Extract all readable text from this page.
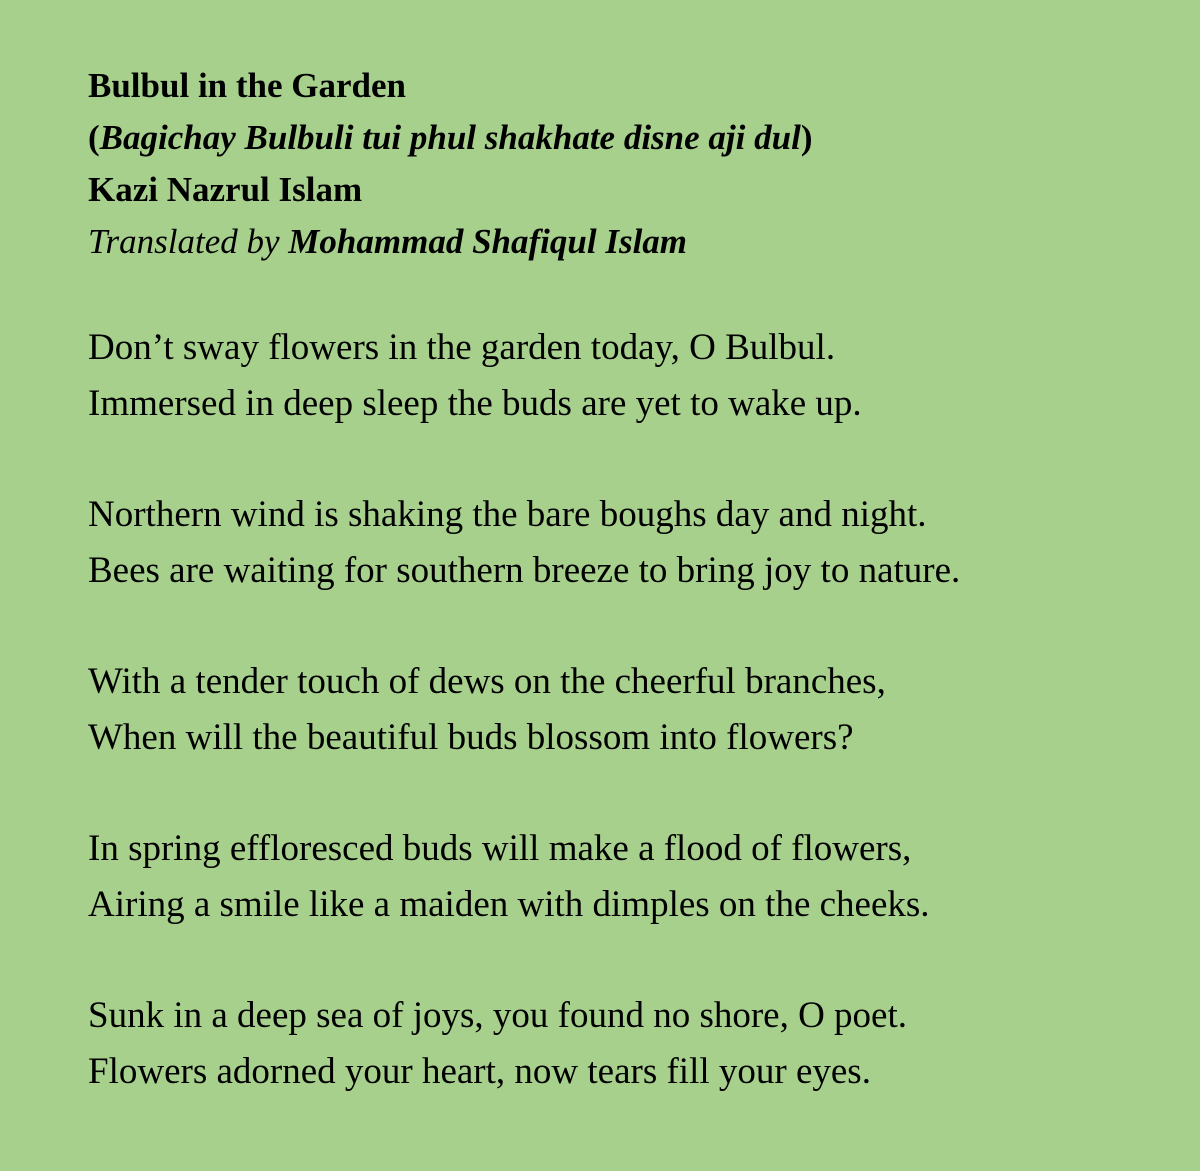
Bulbul in the Garden
(Bagichay Bulbuli tui phul shakhate disne aji dul)
Kazi Nazrul Islam
Translated by Mohammad Shafiqul Islam
Don’t sway flowers in the garden today, O Bulbul.
Immersed in deep sleep the buds are yet to wake up.
Northern wind is shaking the bare boughs day and night.
Bees are waiting for southern breeze to bring joy to nature.
With a tender touch of dews on the cheerful branches,
When will the beautiful buds blossom into flowers?
In spring effloresced buds will make a flood of flowers,
Airing a smile like a maiden with dimples on the cheeks.
Sunk in a deep sea of joys, you found no shore, O poet.
Flowers adorned your heart, now tears fill your eyes.
